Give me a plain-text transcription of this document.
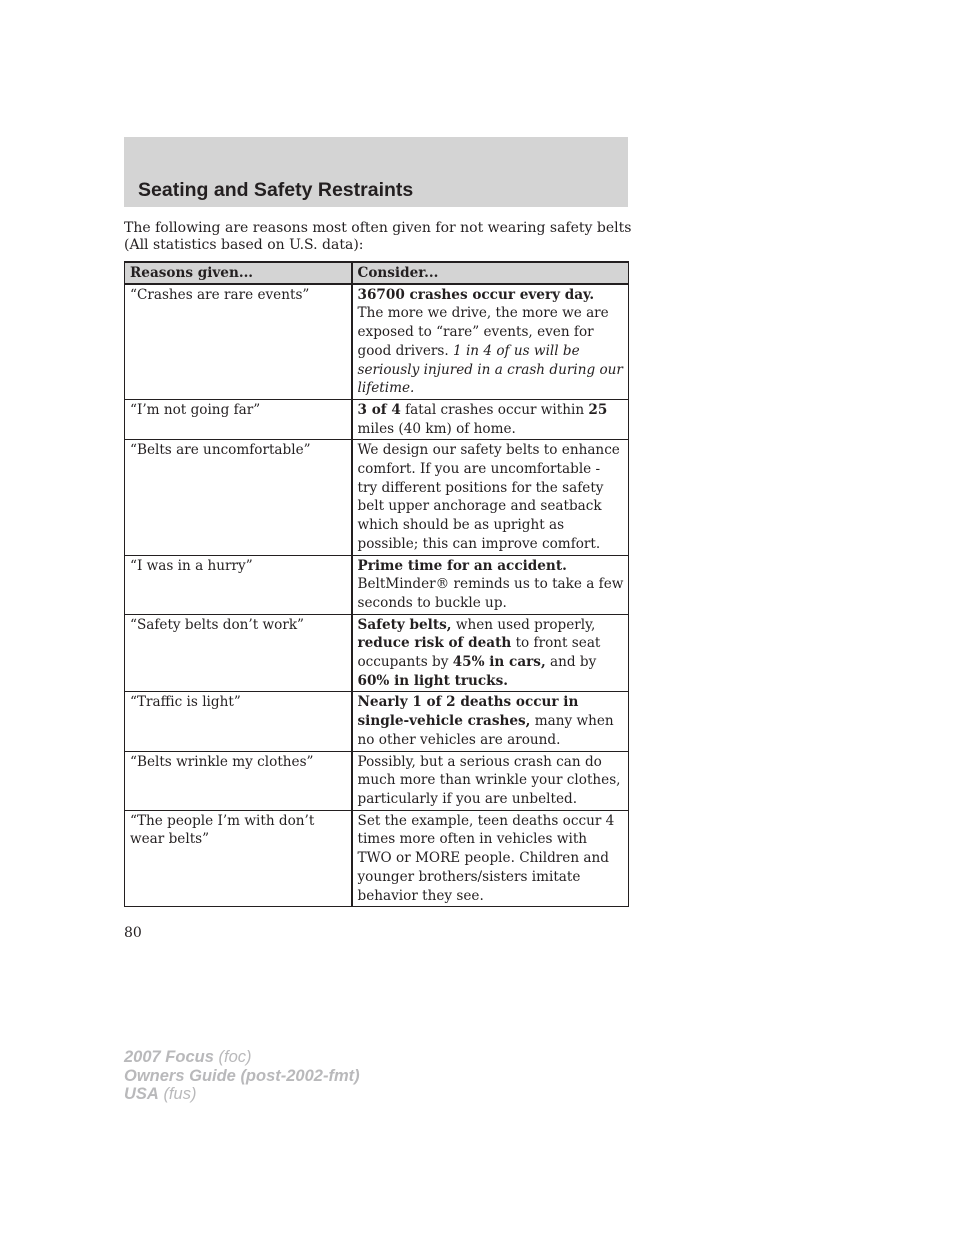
Seating and Safety Restraints

The following are reasons most often given for not wearing safety belts (All statistics based on U.S. data):

Reasons given...	Consider...
“Crashes are rare events”	36700 crashes occur every day. The more we drive, the more we are exposed to “rare” events, even for good drivers. 1 in 4 of us will be seriously injured in a crash during our lifetime.
“I’m not going far”	3 of 4 fatal crashes occur within 25 miles (40 km) of home.
“Belts are uncomfortable”	We design our safety belts to enhance comfort. If you are uncomfortable - try different positions for the safety belt upper anchorage and seatback which should be as upright as possible; this can improve comfort.
“I was in a hurry”	Prime time for an accident. BeltMinder® reminds us to take a few seconds to buckle up.
“Safety belts don’t work”	Safety belts, when used properly, reduce risk of death to front seat occupants by 45% in cars, and by 60% in light trucks.
“Traffic is light”	Nearly 1 of 2 deaths occur in single-vehicle crashes, many when no other vehicles are around.
“Belts wrinkle my clothes”	Possibly, but a serious crash can do much more than wrinkle your clothes, particularly if you are unbelted.
“The people I’m with don’t wear belts”	Set the example, teen deaths occur 4 times more often in vehicles with TWO or MORE people. Children and younger brothers/sisters imitate behavior they see.

80

2007 Focus (foc)
Owners Guide (post-2002-fmt)
USA (fus)
